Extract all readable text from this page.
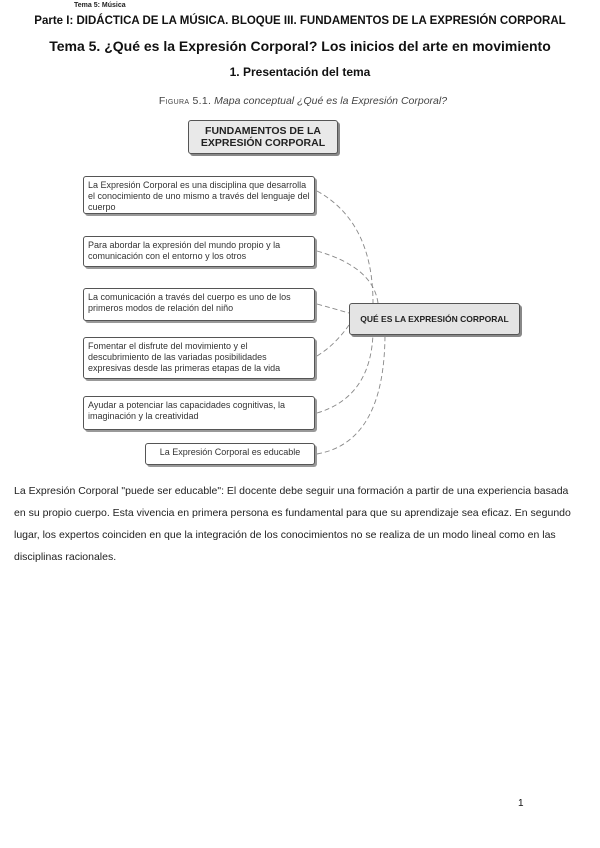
Tema 5: Música
Parte I: DIDÁCTICA DE LA MÚSICA. BLOQUE III. FUNDAMENTOS DE LA EXPRESIÓN CORPORAL
Tema 5. ¿Qué es la Expresión Corporal? Los inicios del arte en movimiento
1. Presentación del tema
Figura 5.1. Mapa conceptual ¿Qué es la Expresión Corporal?
FUNDAMENTOS DE LA EXPRESIÓN CORPORAL
La Expresión Corporal es una disciplina que desarrolla el conocimiento de uno mismo a través del lenguaje del cuerpo
Para abordar la expresión del mundo propio y la comunicación con el entorno y los otros
La comunicación a través del cuerpo es uno de los primeros modos de relación del niño
Fomentar el disfrute del movimiento y el descubrimiento de las variadas posibilidades expresivas desde las primeras etapas de la vida
Ayudar a potenciar las capacidades cognitivas, la imaginación y la creatividad
La Expresión Corporal es educable
QUÉ ES LA EXPRESIÓN CORPORAL

La Expresión Corporal "puede ser educable": El docente debe seguir una formación a partir de una experiencia basada en su propio cuerpo. Esta vivencia en primera persona es fundamental para que su aprendizaje sea eficaz. En segundo lugar, los expertos coinciden en que la integración de los conocimientos no se realiza de un modo lineal como en las disciplinas racionales.

1
